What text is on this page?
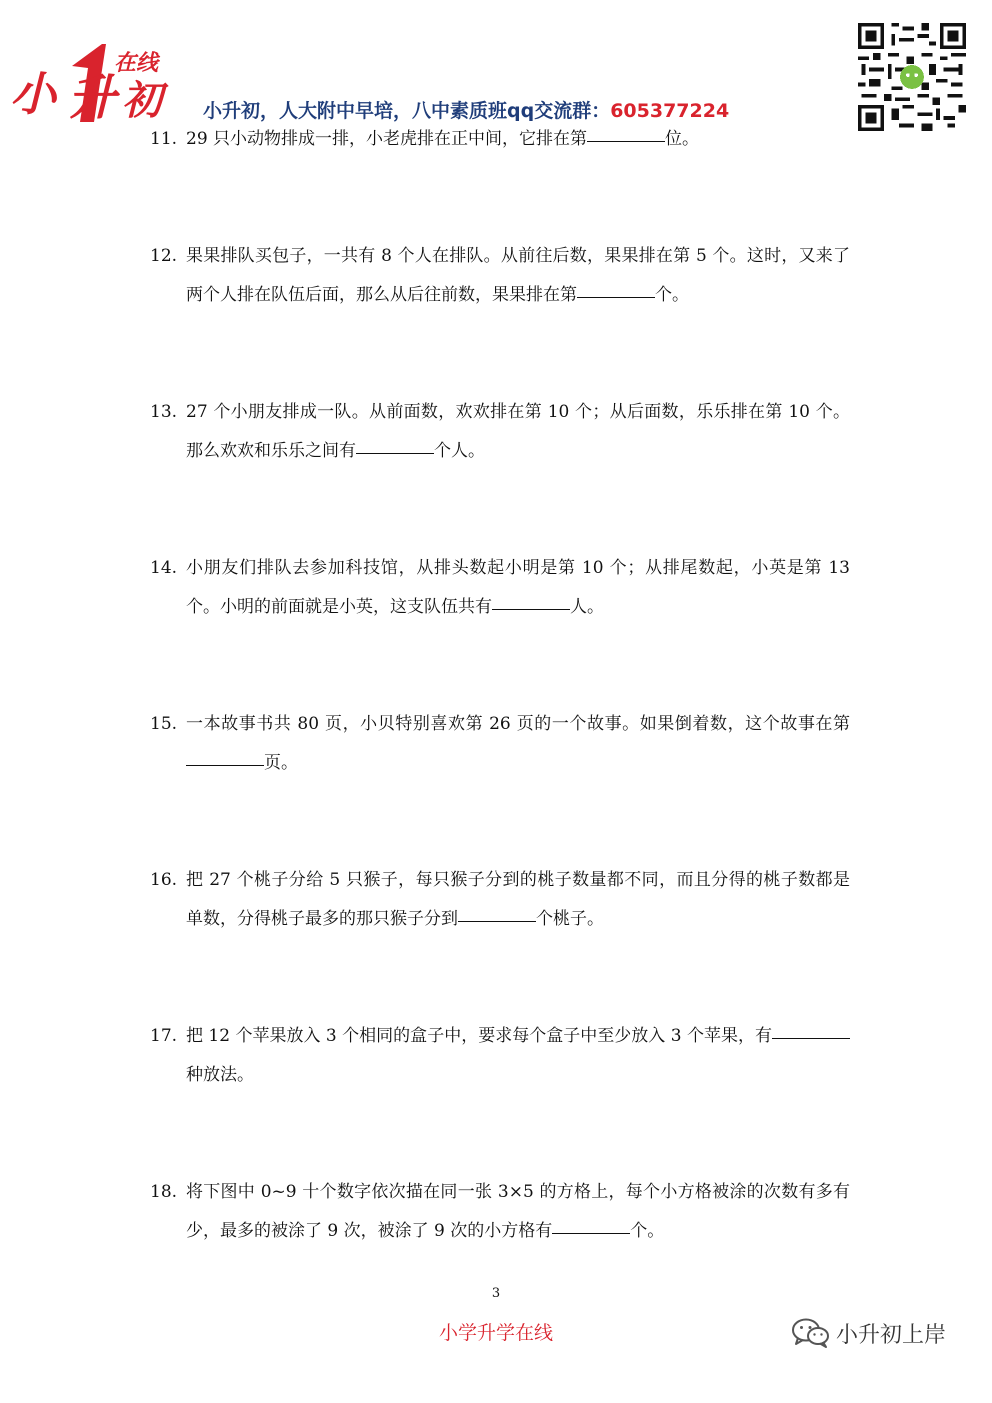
小 升 初
在线
小升初，人大附中早培，八中素质班qq交流群：605377224
11. 29 只小动物排成一排，小老虎排在正中间，它排在第	位。
12. 果果排队买包子，一共有 8 个人在排队。从前往后数，果果排在第 5 个。这时，又来了两个人排在队伍后面，那么从后往前数，果果排在第	个。
13. 27 个小朋友排成一队。从前面数，欢欢排在第 10 个；从后面数，乐乐排在第 10 个。那么欢欢和乐乐之间有	个人。
14. 小朋友们排队去参加科技馆，从排头数起小明是第 10 个；从排尾数起，小英是第 13 个。小明的前面就是小英，这支队伍共有	人。
15. 一本故事书共 80 页，小贝特别喜欢第 26 页的一个故事。如果倒着数，这个故事在第页。
16. 把 27 个桃子分给 5 只猴子，每只猴子分到的桃子数量都不同，而且分得的桃子数都是单数，分得桃子最多的那只猴子分到	个桃子。
17. 把 12 个苹果放入 3 个相同的盒子中，要求每个盒子中至少放入 3 个苹果，有种放法。
18. 将下图中 0~9 十个数字依次描在同一张 3×5 的方格上，每个小方格被涂的次数有多有少，最多的被涂了 9 次，被涂了 9 次的小方格有	个。
3
小学升学在线	小升初上岸
